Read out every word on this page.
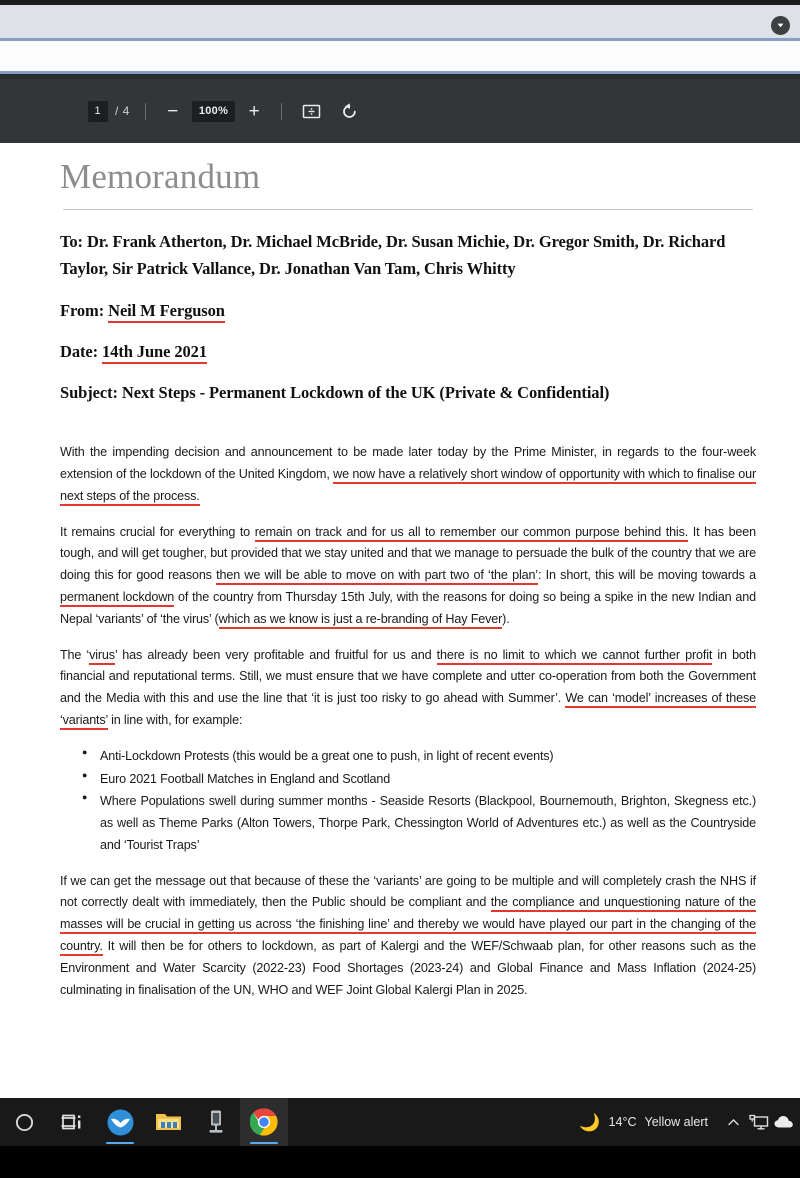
1	/ 4	−	100%	+
Memorandum
To: Dr. Frank Atherton, Dr. Michael McBride, Dr. Susan Michie, Dr. Gregor Smith, Dr. Richard Taylor, Sir Patrick Vallance, Dr. Jonathan Van Tam, Chris Whitty
From: Neil M Ferguson
Date: 14th June 2021
Subject: Next Steps - Permanent Lockdown of the UK (Private & Confidential)

With the impending decision and announcement to be made later today by the Prime Minister, in regards to the four-week extension of the lockdown of the United Kingdom, we now have a relatively short window of opportunity with which to finalise our next steps of the process.

It remains crucial for everything to remain on track and for us all to remember our common purpose behind this. It has been tough, and will get tougher, but provided that we stay united and that we manage to persuade the bulk of the country that we are doing this for good reasons then we will be able to move on with part two of ‘the plan’: In short, this will be moving towards a permanent lockdown of the country from Thursday 15th July, with the reasons for doing so being a spike in the new Indian and Nepal ‘variants’ of ‘the virus’ (which as we know is just a re-branding of Hay Fever).

The ‘virus’ has already been very profitable and fruitful for us and there is no limit to which we cannot further profit in both financial and reputational terms. Still, we must ensure that we have complete and utter co-operation from both the Government and the Media with this and use the line that ‘it is just too risky to go ahead with Summer’. We can ‘model’ increases of these ‘variants’ in line with, for example:

● Anti-Lockdown Protests (this would be a great one to push, in light of recent events)
● Euro 2021 Football Matches in England and Scotland
● Where Populations swell during summer months - Seaside Resorts (Blackpool, Bournemouth, Brighton, Skegness etc.) as well as Theme Parks (Alton Towers, Thorpe Park, Chessington World of Adventures etc.) as well as the Countryside and ‘Tourist Traps’

If we can get the message out that because of these the ‘variants’ are going to be multiple and will completely crash the NHS if not correctly dealt with immediately, then the Public should be compliant and the compliance and unquestioning nature of the masses will be crucial in getting us across ‘the finishing line’ and thereby we would have played our part in the changing of the country. It will then be for others to lockdown, as part of Kalergi and the WEF/Schwaab plan, for other reasons such as the Environment and Water Scarcity (2022-23) Food Shortages (2023-24) and Global Finance and Mass Inflation (2024-25) culminating in finalisation of the UN, WHO and WEF Joint Global Kalergi Plan in 2025.

🌙 14°C Yellow alert
